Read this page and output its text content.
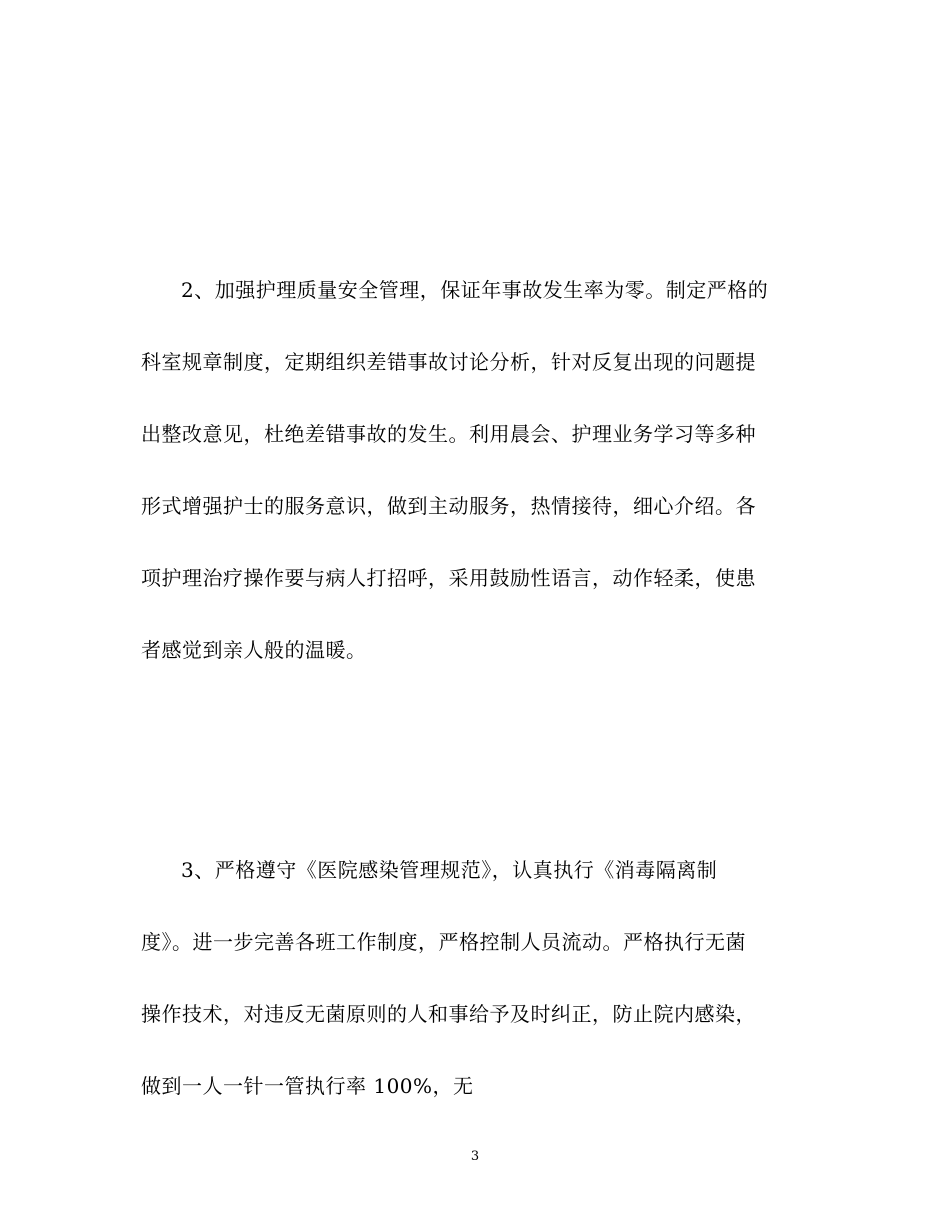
2、加强护理质量安全管理，保证年事故发生率为零。制定严格的
科室规章制度，定期组织差错事故讨论分析，针对反复出现的问题提
出整改意见，杜绝差错事故的发生。利用晨会、护理业务学习等多种
形式增强护士的服务意识，做到主动服务，热情接待，细心介绍。各
项护理治疗操作要与病人打招呼，采用鼓励性语言，动作轻柔，使患
者感觉到亲人般的温暖。
3、严格遵守《医院感染管理规范》，认真执行《消毒隔离制
度》。进一步完善各班工作制度，严格控制人员流动。严格执行无菌
操作技术，对违反无菌原则的人和事给予及时纠正，防止院内感染，
做到一人一针一管执行率 100%，无
3
